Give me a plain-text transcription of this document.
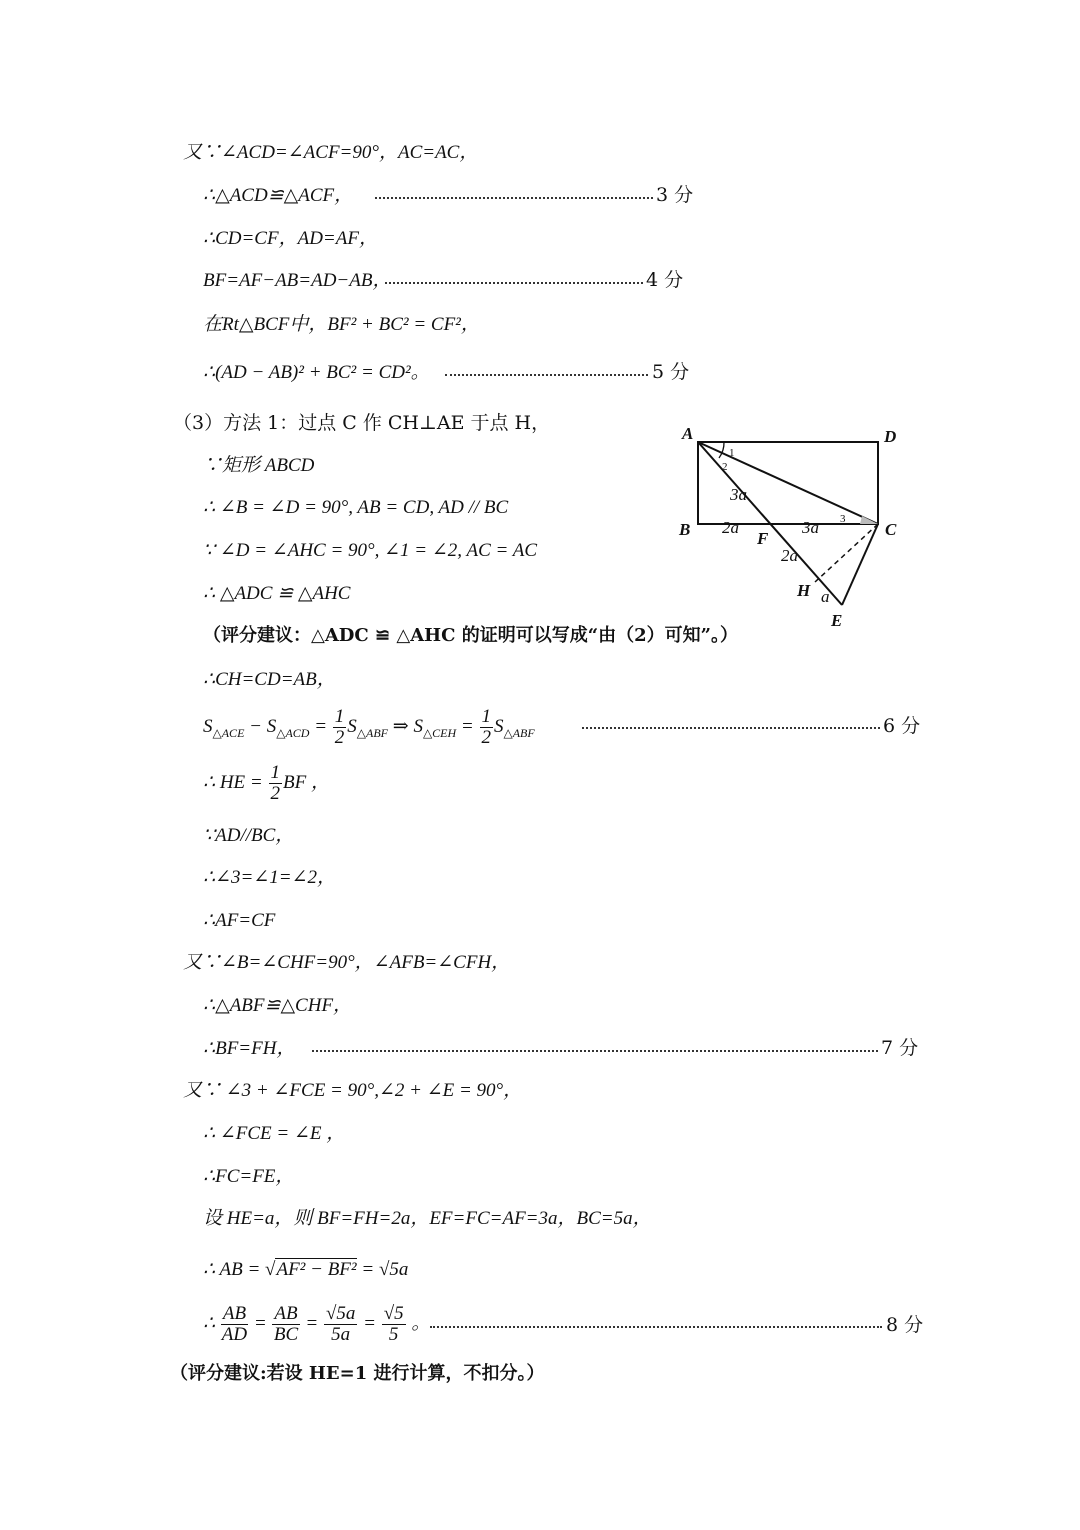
又∵∠ACD=∠ACF=90°，AC=AC，
∴△ACD≌△ACF，	3 分
∴CD=CF，AD=AF，
BF=AF−AB=AD−AB，	4 分
在Rt△BCF中，BF² + BC² = CF²，
∴(AD − AB)² + BC² = CD²。	5 分
（3）方法 1：过点 C 作 CH⊥AE 于点 H，
∵矩形 ABCD
∴ ∠B = ∠D = 90°, AB = CD, AD // BC
∵ ∠D = ∠AHC = 90°, ∠1 = ∠2, AC = AC
∴ △ADC ≌ △AHC
（评分建议：△ADC ≌ △AHC 的证明可以写成“由（2）可知”。）
∴CH=CD=AB，
$S_{\triangle ACE} - S_{\triangle ACD} = \frac{1}{2} S_{\triangle ABF}$ ⇒ $S_{\triangle CEH} = \frac{1}{2} S_{\triangle ABF}$	6 分
∴ HE = $\frac{1}{2}$ BF ，
∵AD//BC，
∴∠3=∠1=∠2，
∴AF=CF
又∵∠B=∠CHF=90°，∠AFB=∠CFH，
∴△ABF≌△CHF，
∴BF=FH，	7 分
又∵ ∠3 + ∠FCE = 90°,∠2 + ∠E = 90°，
∴ ∠FCE = ∠E ，
∴FC=FE，
设 HE=a，则 BF=FH=2a，EF=FC=AF=3a，BC=5a，
∴ AB = √AF² − BF² = √5a
∴ $\frac{AB}{AD} = \frac{AB}{BC} = \frac{√5a}{5a} = \frac{√5}{5}$ 。	8 分
（评分建议:若设 HE=1 进行计算，不扣分。）
A	D
B	C
F
H
E
1
2
3
3a
2a	3a
2a
a
